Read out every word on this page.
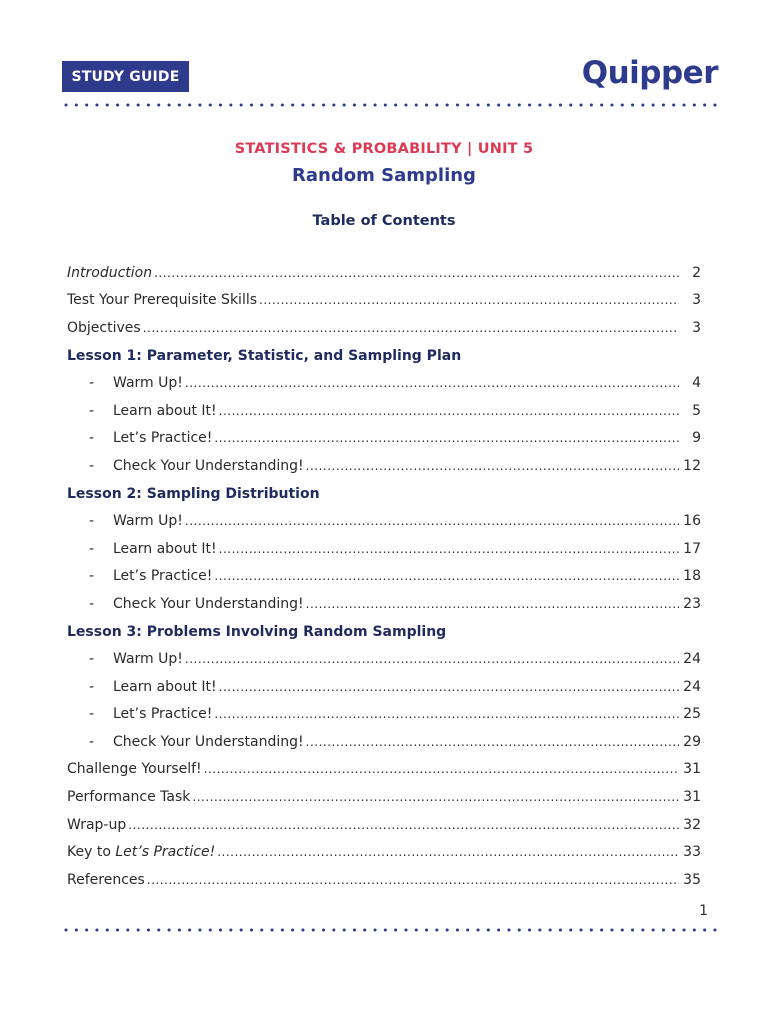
STUDY GUIDE	Quipper
STATISTICS & PROBABILITY | UNIT 5
Random Sampling
Table of Contents
Introduction .....	2
Test Your Prerequisite Skills .....	3
Objectives .....	3
Lesson 1: Parameter, Statistic, and Sampling Plan
-	Warm Up! .....	4
-	Learn about It! .....	5
-	Let’s Practice! .....	9
-	Check Your Understanding! .....	12
Lesson 2: Sampling Distribution
-	Warm Up! .....	16
-	Learn about It! .....	17
-	Let’s Practice! .....	18
-	Check Your Understanding! .....	23
Lesson 3: Problems Involving Random Sampling
-	Warm Up! .....	24
-	Learn about It! .....	24
-	Let’s Practice! .....	25
-	Check Your Understanding! .....	29
Challenge Yourself! .....	31
Performance Task .....	31
Wrap-up .....	32
Key to Let’s Practice! .....	33
References .....	35
1
